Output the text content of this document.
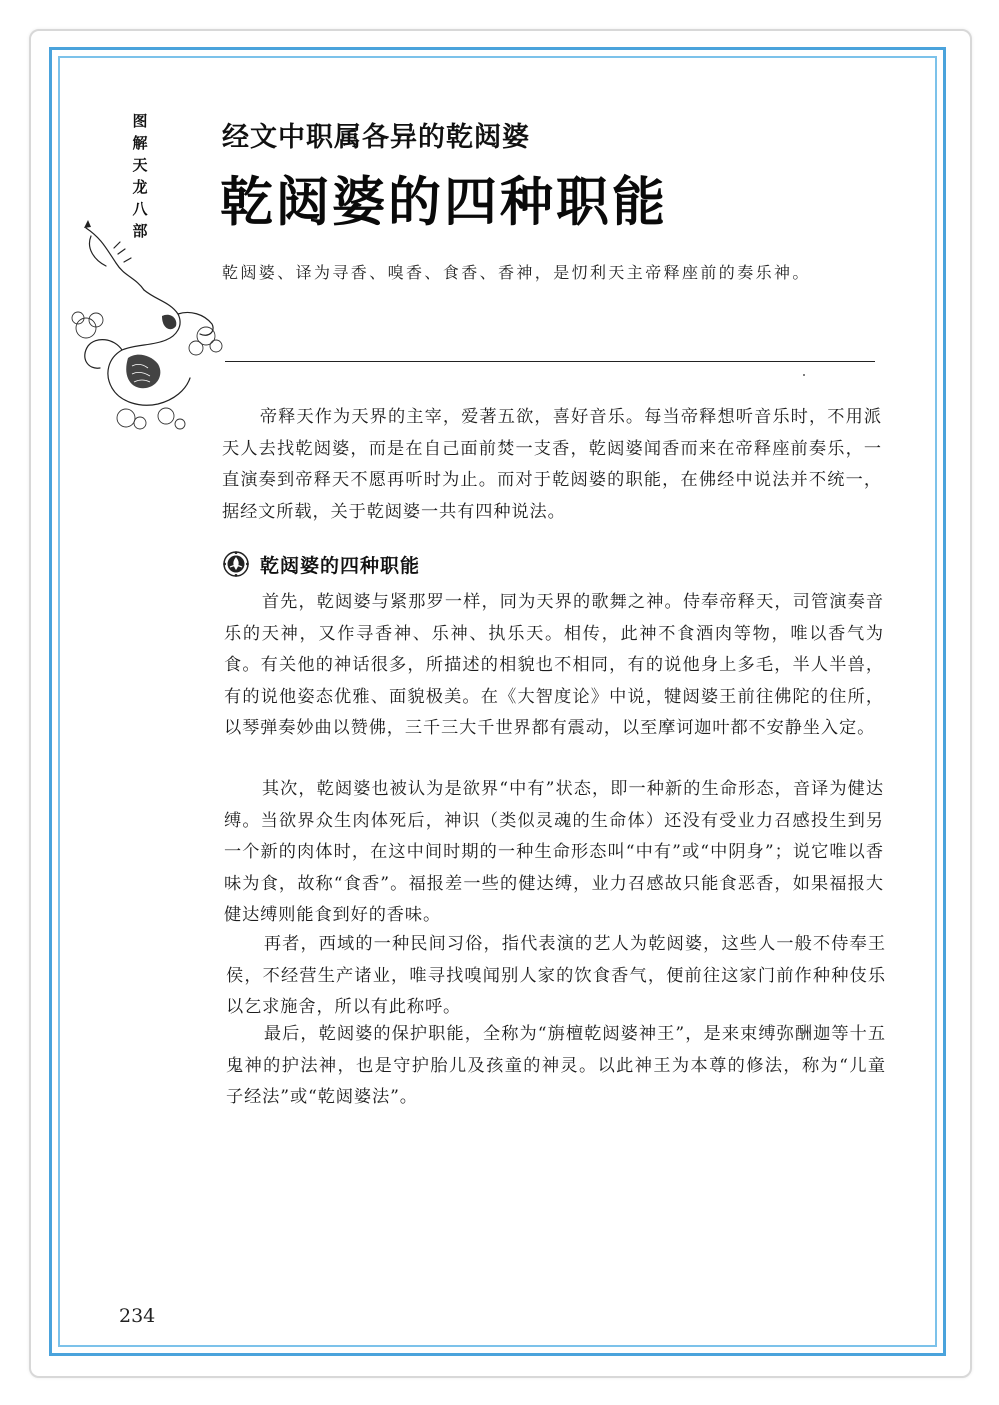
图
解
天
龙
八
部
经文中职属各异的乾闼婆
乾闼婆的四种职能
乾闼婆、译为寻香、嗅香、食香、香神，是忉利天主帝释座前的奏乐神。

帝释天作为天界的主宰，爱著五欲，喜好音乐。每当帝释想听音乐时，不用派天人去找乾闼婆，而是在自己面前焚一支香，乾闼婆闻香而来在帝释座前奏乐，一直演奏到帝释天不愿再听时为止。而对于乾闼婆的职能，在佛经中说法并不统一，据经文所载，关于乾闼婆一共有四种说法。

乾闼婆的四种职能

首先，乾闼婆与紧那罗一样，同为天界的歌舞之神。侍奉帝释天，司管演奏音乐的天神，又作寻香神、乐神、执乐天。相传，此神不食酒肉等物，唯以香气为食。有关他的神话很多，所描述的相貌也不相同，有的说他身上多毛，半人半兽，有的说他姿态优雅、面貌极美。在《大智度论》中说，犍闼婆王前往佛陀的住所，以琴弹奏妙曲以赞佛，三千三大千世界都有震动，以至摩诃迦叶都不安静坐入定。

其次，乾闼婆也被认为是欲界“中有”状态，即一种新的生命形态，音译为健达缚。当欲界众生肉体死后，神识（类似灵魂的生命体）还没有受业力召感投生到另一个新的肉体时，在这中间时期的一种生命形态叫“中有”或“中阴身”；说它唯以香味为食，故称“食香”。福报差一些的健达缚，业力召感故只能食恶香，如果福报大健达缚则能食到好的香味。

再者，西域的一种民间习俗，指代表演的艺人为乾闼婆，这些人一般不侍奉王侯，不经营生产诸业，唯寻找嗅闻别人家的饮食香气，便前往这家门前作种种伎乐以乞求施舍，所以有此称呼。

最后，乾闼婆的保护职能，全称为“旃檀乾闼婆神王”，是来束缚弥酬迦等十五鬼神的护法神，也是守护胎儿及孩童的神灵。以此神王为本尊的修法，称为“儿童子经法”或“乾闼婆法”。

234
